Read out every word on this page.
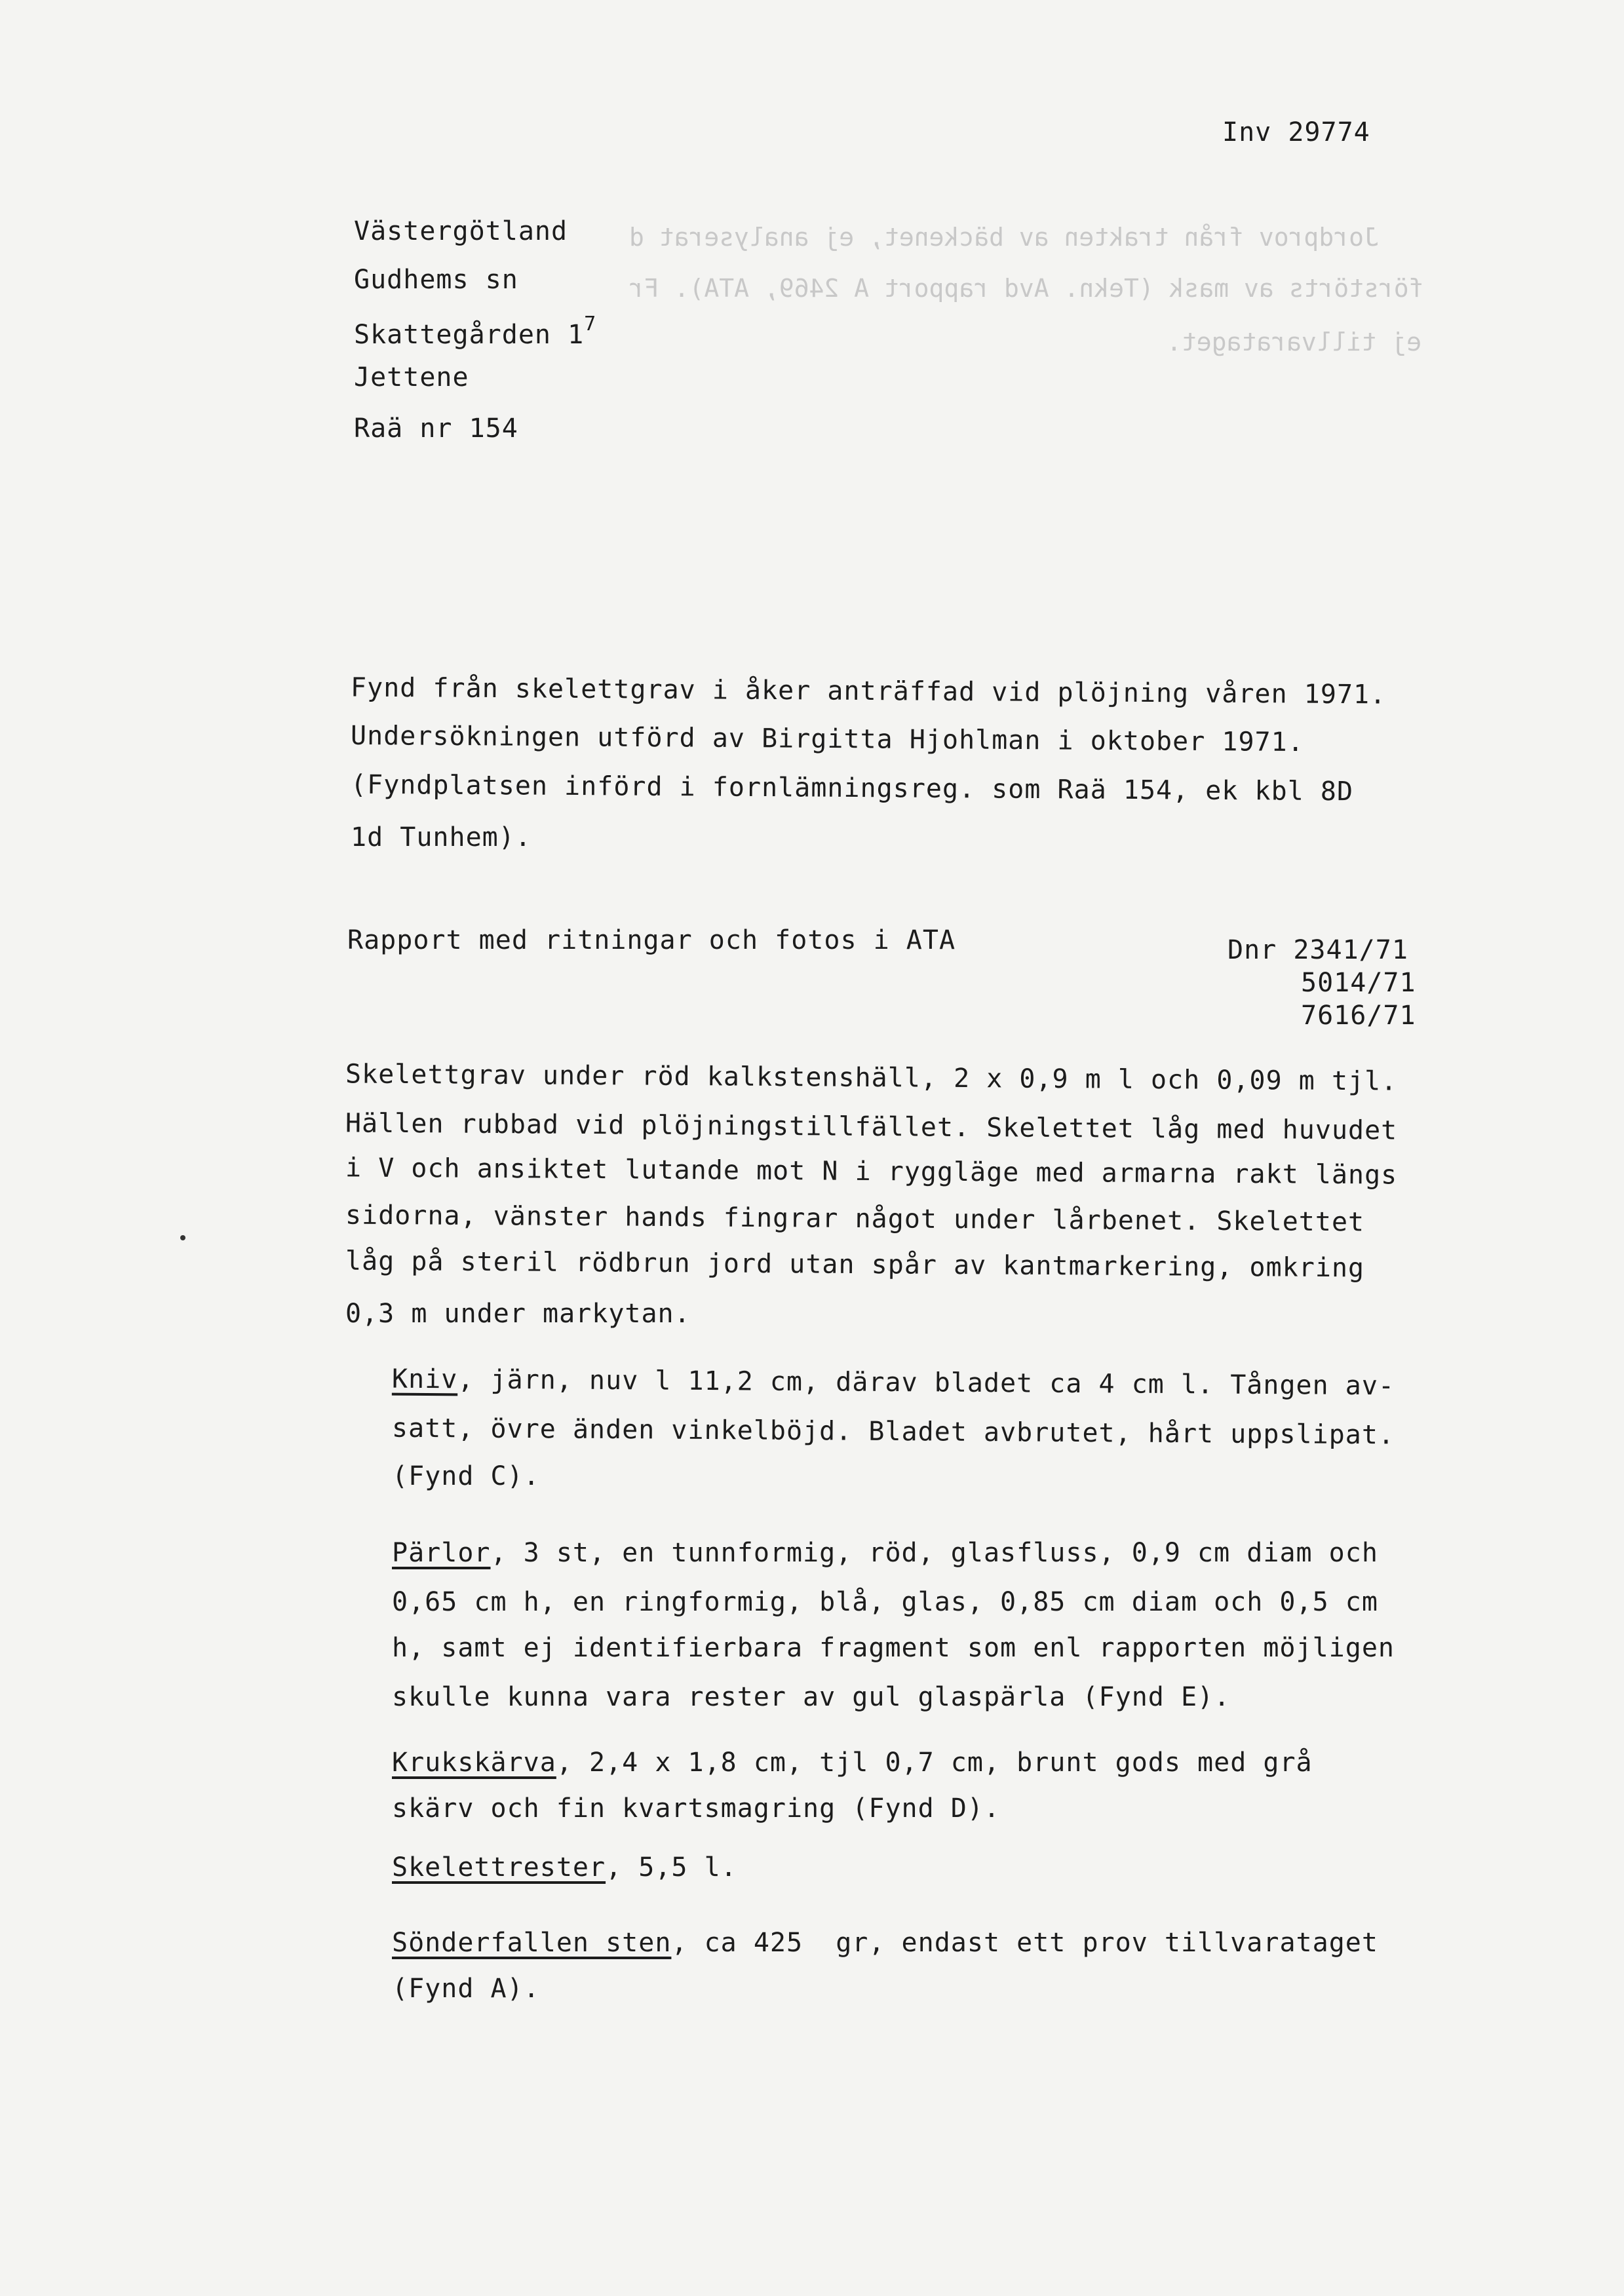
Jordprov från trakten av bäckenet, ej analyserat d
förstörts av mask (Tekn. Avd rapport A 2469, ATA). Fr
ej tillvarataget.
Inv 29774
Västergötland
Gudhems sn
Skattegården $1^7$
Jettene
Raä nr 154
Fynd från skelettgrav i åker anträffad vid plöjning våren 1971.
Undersökningen utförd av Birgitta Hjohlman i oktober 1971.
(Fyndplatsen införd i fornlämningsreg. som Raä 154, ek kbl 8D
1d Tunhem).
Rapport med ritningar och fotos i ATA	Dnr 2341/71
5014/71
7616/71
Skelettgrav under röd kalkstenshäll, 2 x 0,9 m l och 0,09 m tjl.
Hällen rubbad vid plöjningstillfället. Skelettet låg med huvudet
i V och ansiktet lutande mot N i ryggläge med armarna rakt längs
sidorna, vänster hands fingrar något under lårbenet. Skelettet
låg på steril rödbrun jord utan spår av kantmarkering, omkring
0,3 m under markytan.
Kniv, järn, nuv l 11,2 cm, därav bladet ca 4 cm l. Tången av-
satt, övre änden vinkelböjd. Bladet avbrutet, hårt uppslipat.
(Fynd C).
Pärlor, 3 st, en tunnformig, röd, glasfluss, 0,9 cm diam och
0,65 cm h, en ringformig, blå, glas, 0,85 cm diam och 0,5 cm
h, samt ej identifierbara fragment som enl rapporten möjligen
skulle kunna vara rester av gul glaspärla (Fynd E).
Krukskärva, 2,4 x 1,8 cm, tjl 0,7 cm, brunt gods med grå
skärv och fin kvartsmagring (Fynd D).
Skelettrester, 5,5 l.
Sönderfallen sten, ca 425  gr, endast ett prov tillvarataget
(Fynd A).
